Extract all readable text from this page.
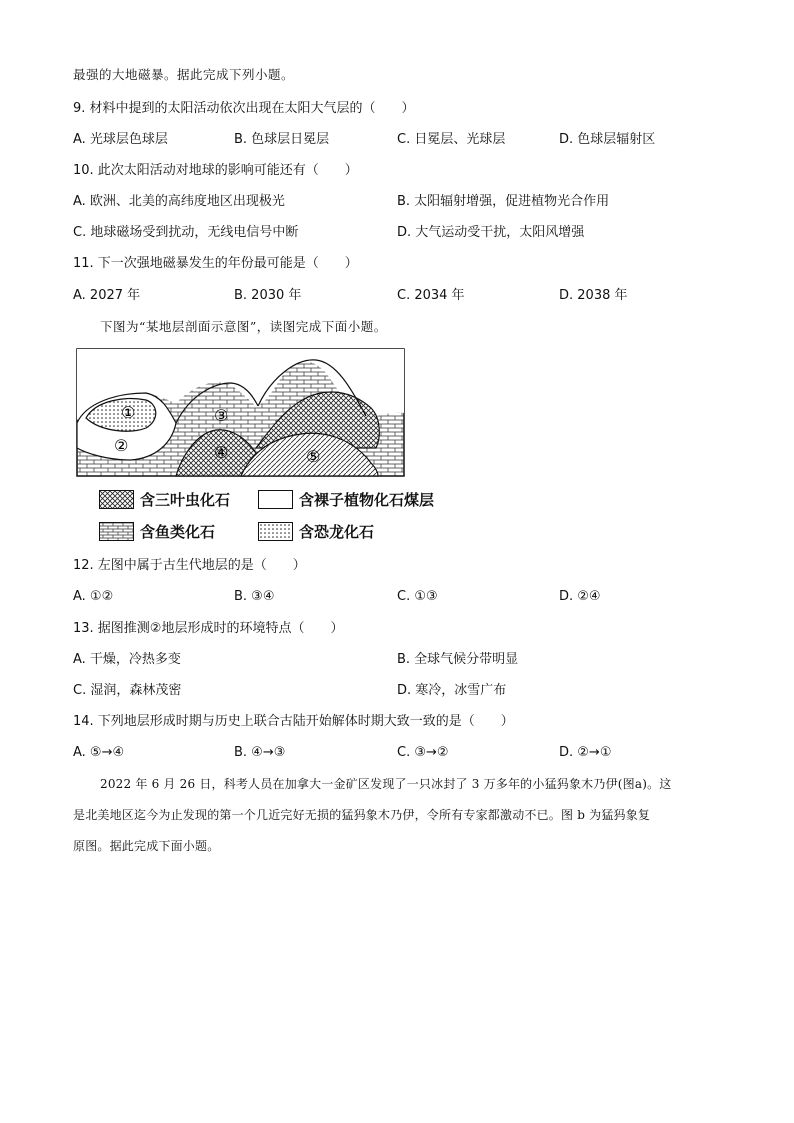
最强的大地磁暴。据此完成下列小题。
9. 材料中提到的太阳活动依次出现在太阳大气层的（　　）
A. 光球层色球层	B. 色球层日冕层	C. 日冕层、光球层	D. 色球层辐射区
10. 此次太阳活动对地球的影响可能还有（　　）
A. 欧洲、北美的高纬度地区出现极光	B. 太阳辐射增强，促进植物光合作用
C. 地球磁场受到扰动，无线电信号中断	D. 大气运动受干扰，太阳风增强
11. 下一次强地磁暴发生的年份最可能是（　　）
A. 2027 年	B. 2030 年	C. 2034 年	D. 2038 年
下图为“某地层剖面示意图”，读图完成下面小题。
①
②
③
④	⑤
含三叶虫化石	含裸子植物化石煤层
含鱼类化石	含恐龙化石
12. 左图中属于古生代地层的是（　　）
A. ①②	B. ③④	C. ①③	D. ②④
13. 据图推测②地层形成时的环境特点（　　）
A. 干燥，冷热多变	B. 全球气候分带明显
C. 湿润，森林茂密	D. 寒冷，冰雪广布
14. 下列地层形成时期与历史上联合古陆开始解体时期大致一致的是（　　）
A. ⑤→④	B. ④→③	C. ③→②	D. ②→①
2022 年 6 月 26 日，科考人员在加拿大一金矿区发现了一只冰封了 3 万多年的小猛犸象木乃伊(图a)。这
是北美地区迄今为止发现的第一个几近完好无损的猛犸象木乃伊，令所有专家都激动不已。图 b 为猛犸象复
原图。据此完成下面小题。
